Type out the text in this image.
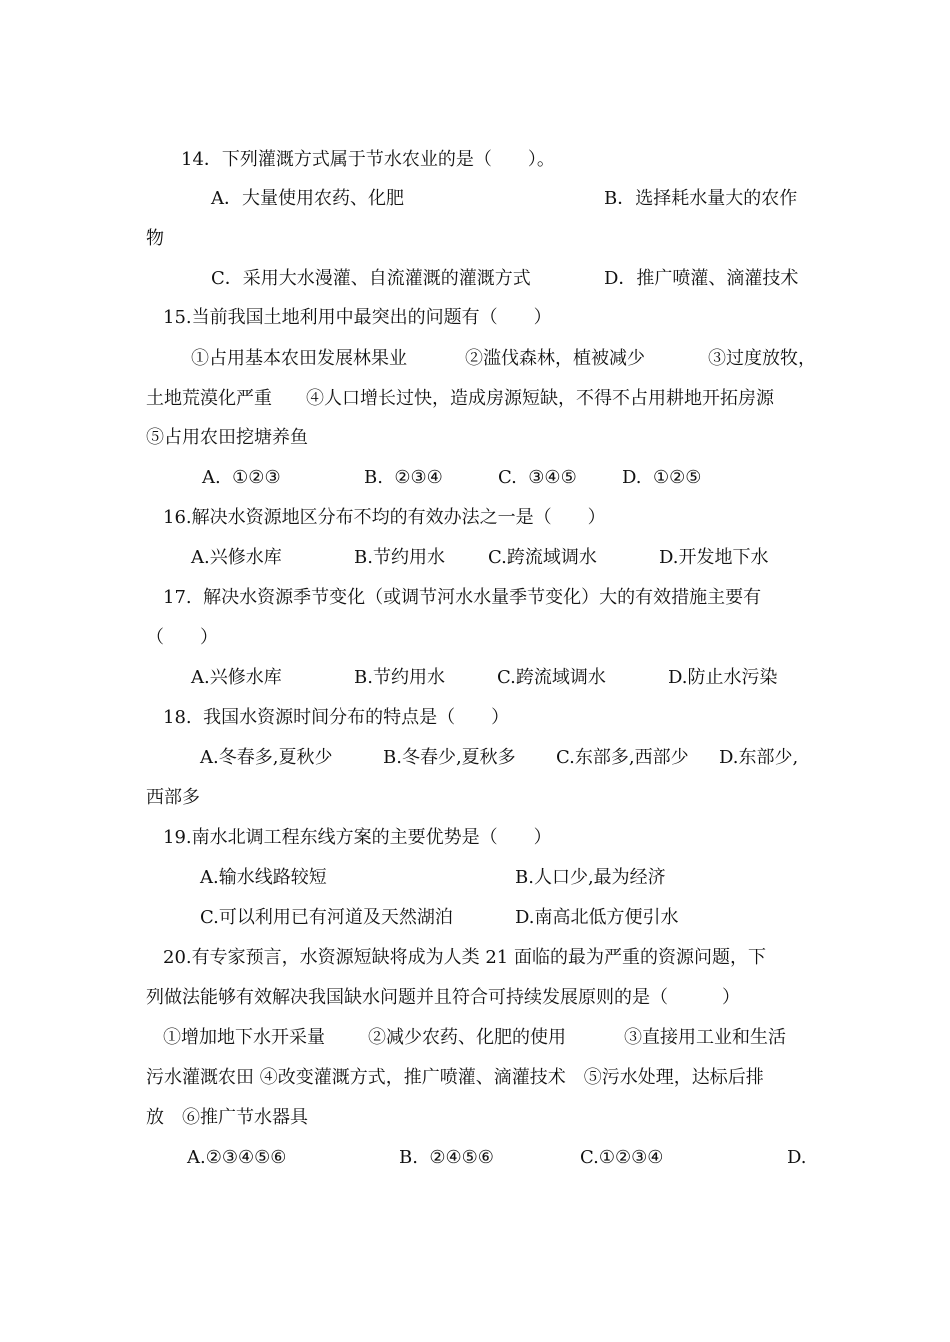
14．下列灌溉方式属于节水农业的是（　　）。
A．大量使用农药、化肥	B．选择耗水量大的农作
物
C．采用大水漫灌、自流灌溉的灌溉方式	D．推广喷灌、滴灌技术
15.当前我国土地利用中最突出的问题有（　　）
①占用基本农田发展林果业	②滥伐森林，植被减少	③过度放牧，
土地荒漠化严重 ④人口增长过快，造成房源短缺，不得不占用耕地开拓房源
⑤占用农田挖塘养鱼
A.  ①②③	B.  ②③④	C.  ③④⑤	D.  ①②⑤
16.解决水资源地区分布不均的有效办法之一是（　　）
A.兴修水库	B.节约用水 C.跨流域调水	D.开发地下水
17.  解决水资源季节变化（或调节河水水量季节变化）大的有效措施主要有
（　　）
A.兴修水库	B.节约用水	C.跨流域调水	D.防止水污染
18.  我国水资源时间分布的特点是（　　）
A.冬春多,夏秋少	B.冬春少,夏秋多 C.东部多,西部少 D.东部少,
西部多
19.南水北调工程东线方案的主要优势是（　　）
A.输水线路较短	B.人口少,最为经济
C.可以利用已有河道及天然湖泊	D.南高北低方便引水
20.有专家预言，水资源短缺将成为人类 21 面临的最为严重的资源问题，下
列做法能够有效解决我国缺水问题并且符合可持续发展原则的是（　　　）
①增加地下水开采量 ②减少农药、化肥的使用	③直接用工业和生活
污水灌溉农田 ④改变灌溉方式，推广喷灌、滴灌技术　⑤污水处理，达标后排
放　⑥推广节水器具
A.②③④⑤⑥	B.  ②④⑤⑥	C.①②③④	D.
